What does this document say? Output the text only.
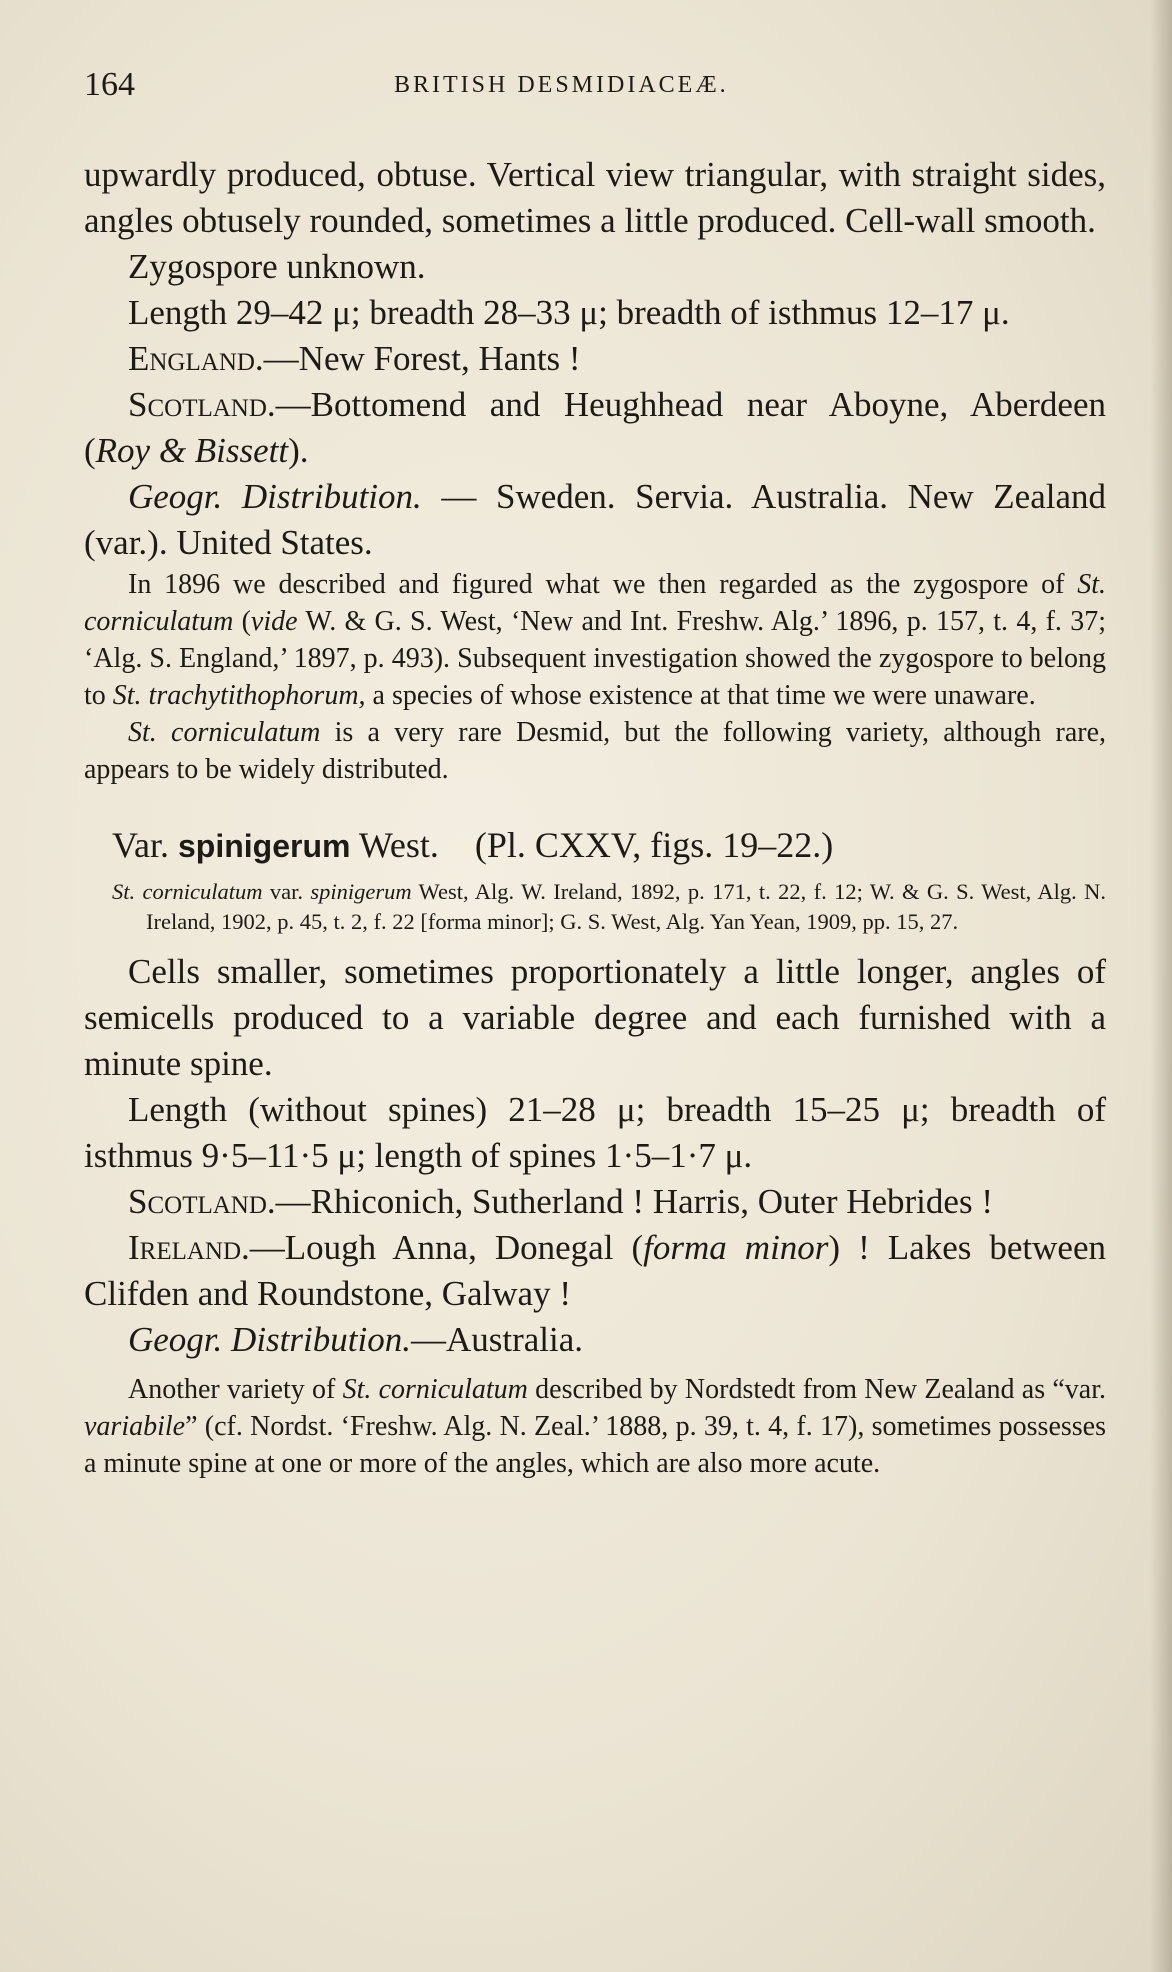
164	BRITISH DESMIDIACEÆ.

upwardly produced, obtuse. Vertical view triangular, with straight sides, angles obtusely rounded, sometimes a little produced. Cell-wall smooth.

Zygospore unknown.

Length 29–42 μ; breadth 28–33 μ; breadth of isthmus 12–17 μ.

England.—New Forest, Hants !

Scotland.—Bottomend and Heughhead near Aboyne, Aberdeen (Roy & Bissett).

Geogr. Distribution. — Sweden. Servia. Australia. New Zealand (var.). United States.

In 1896 we described and figured what we then regarded as the zygospore of St. corniculatum (vide W. & G. S. West, ‘New and Int. Freshw. Alg.’ 1896, p. 157, t. 4, f. 37; ‘Alg. S. England,’ 1897, p. 493). Subsequent investigation showed the zygospore to belong to St. trachytithophorum, a species of whose existence at that time we were unaware.

St. corniculatum is a very rare Desmid, but the following variety, although rare, appears to be widely distributed.

Var. spinigerum West. (Pl. CXXV, figs. 19–22.)

St. corniculatum var. spinigerum West, Alg. W. Ireland, 1892, p. 171, t. 22, f. 12; W. & G. S. West, Alg. N. Ireland, 1902, p. 45, t. 2, f. 22 [forma minor]; G. S. West, Alg. Yan Yean, 1909, pp. 15, 27.

Cells smaller, sometimes proportionately a little longer, angles of semicells produced to a variable degree and each furnished with a minute spine.

Length (without spines) 21–28 μ; breadth 15–25 μ; breadth of isthmus 9·5–11·5 μ; length of spines 1·5–1·7 μ.

Scotland.—Rhiconich, Sutherland ! Harris, Outer Hebrides !

Ireland.—Lough Anna, Donegal (forma minor) ! Lakes between Clifden and Roundstone, Galway !

Geogr. Distribution.—Australia.

Another variety of St. corniculatum described by Nordstedt from New Zealand as “var. variabile” (cf. Nordst. ‘Freshw. Alg. N. Zeal.’ 1888, p. 39, t. 4, f. 17), sometimes possesses a minute spine at one or more of the angles, which are also more acute.
